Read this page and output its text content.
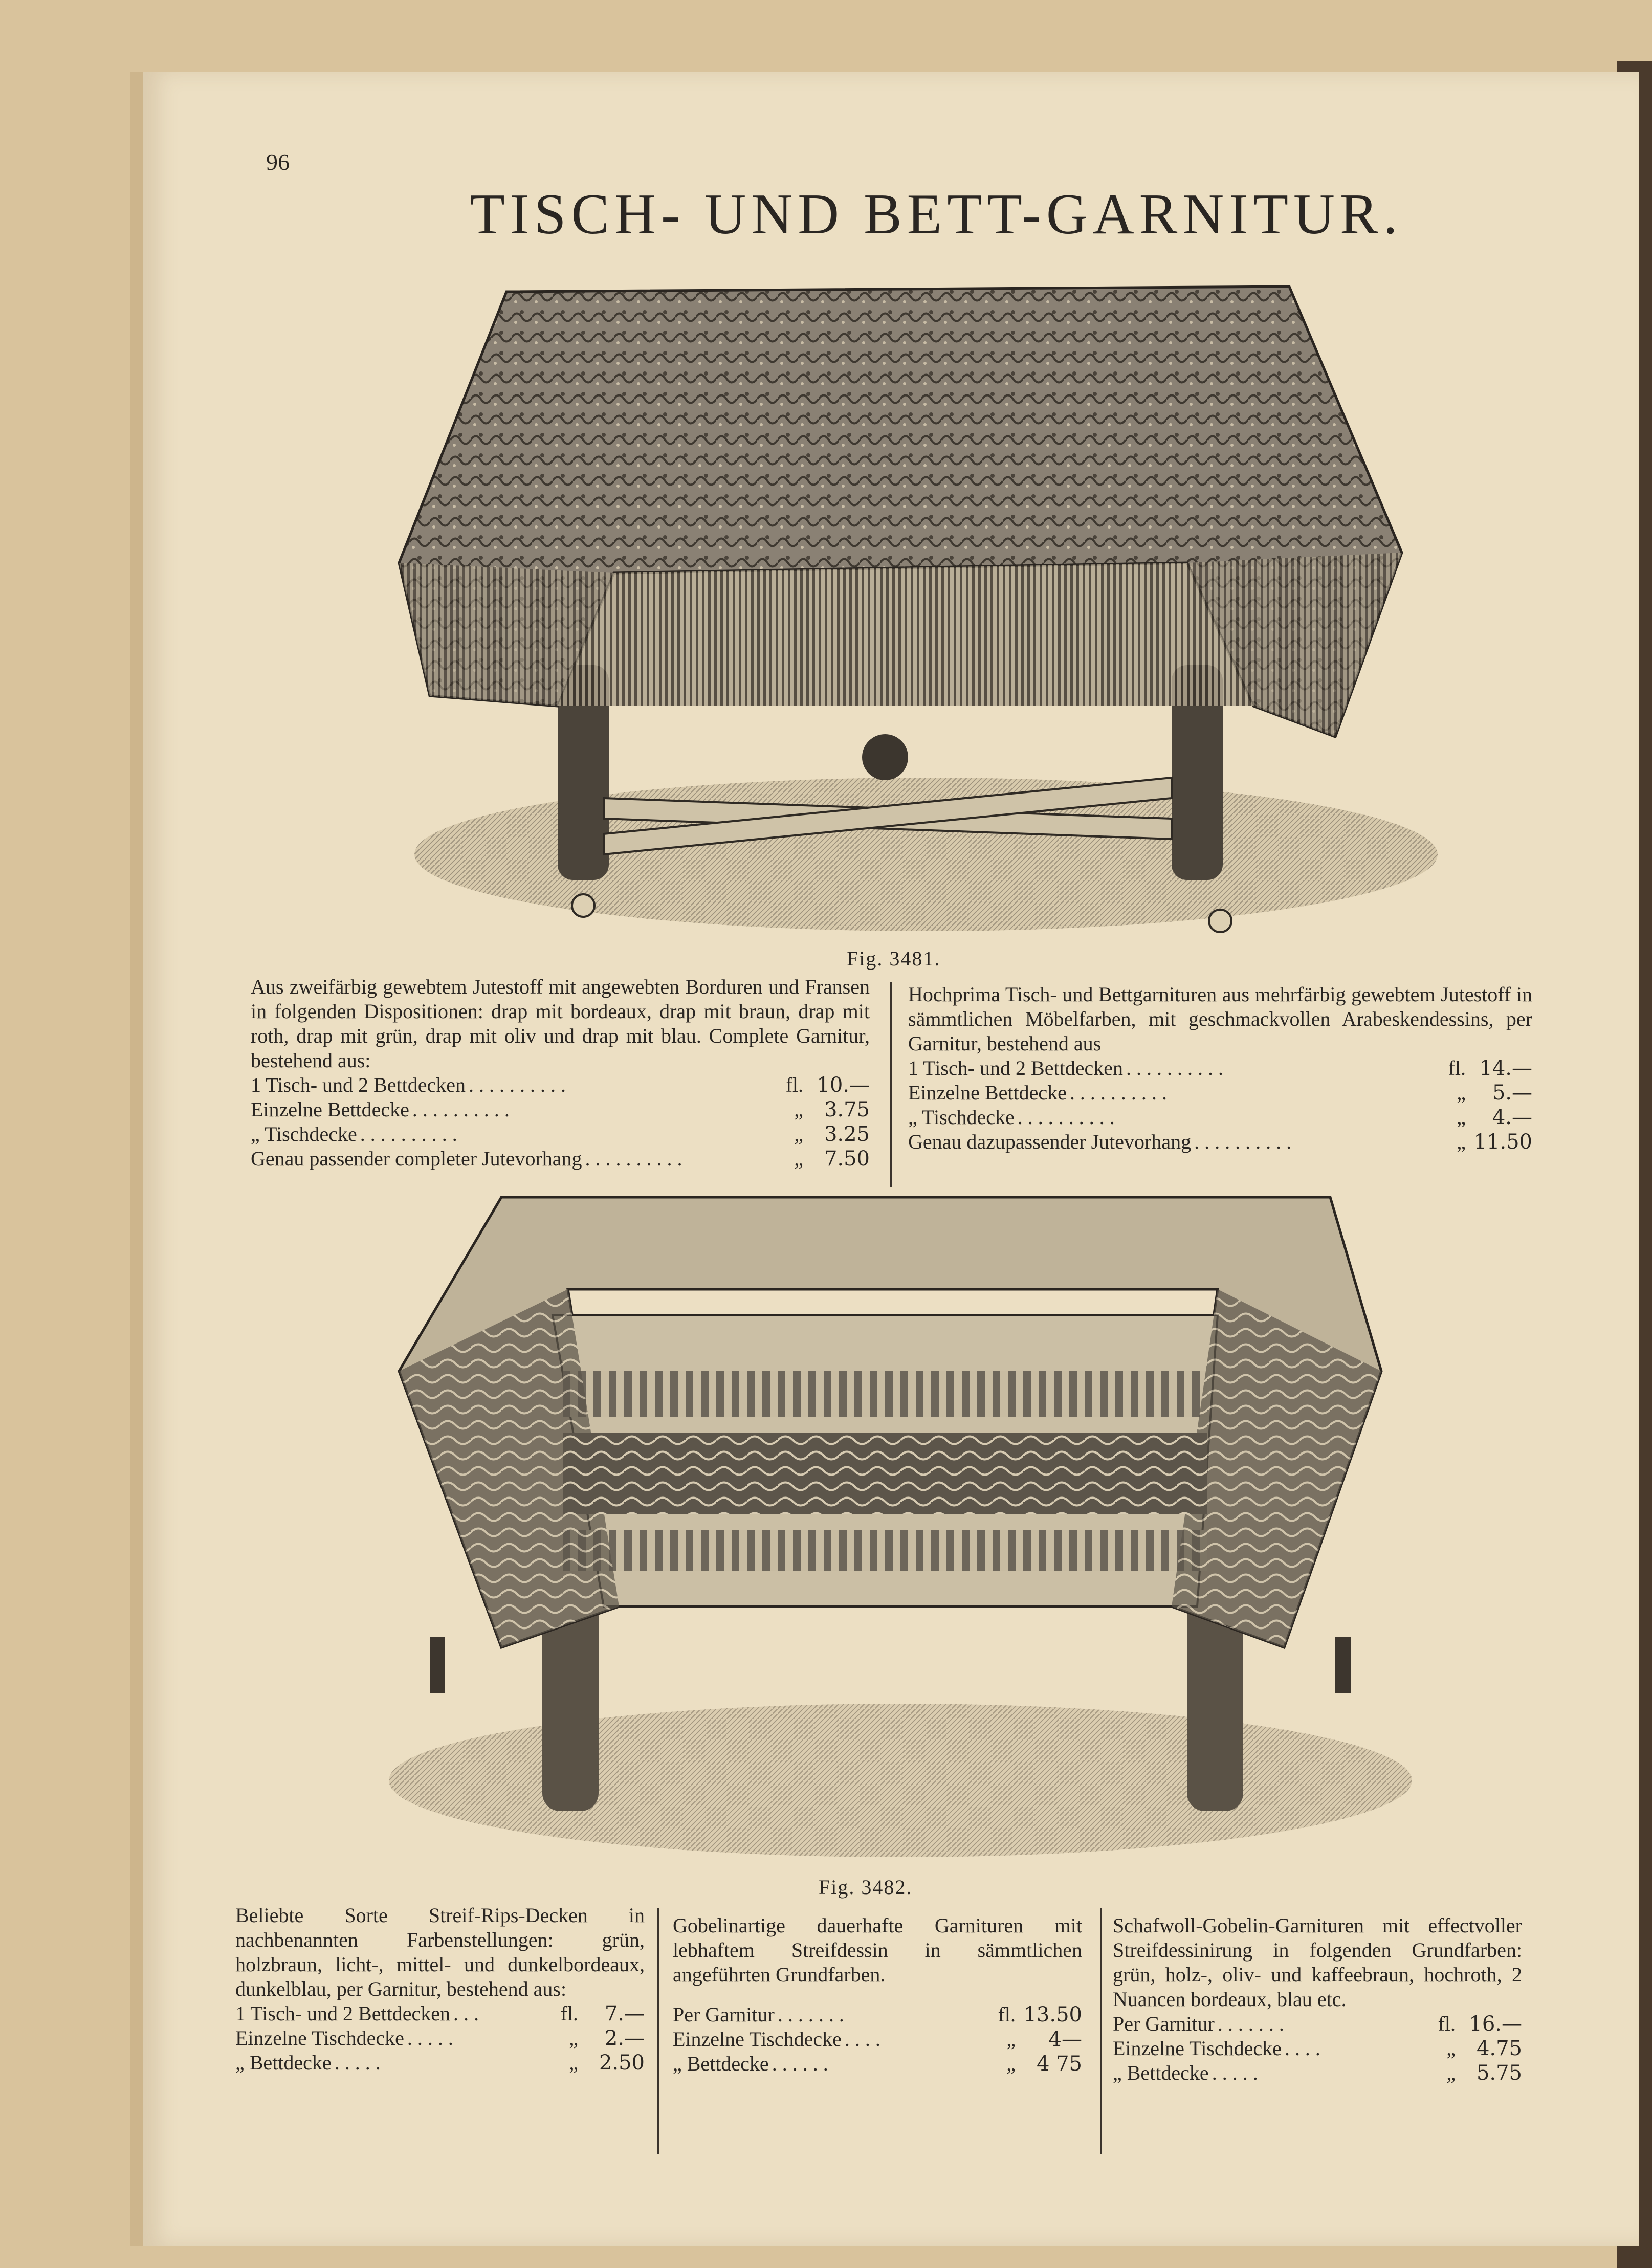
96
TISCH- UND BETT-GARNITUR.
Fig. 3481.

Aus zweifärbig gewebtem Jutestoff mit angewebten Borduren und Fransen in folgenden Dispositionen: drap mit bordeaux, drap mit braun, drap mit roth, drap mit grün, drap mit oliv und drap mit blau. Complete Garnitur, bestehend aus:

1 Tisch- und 2 Bettdecken ..........	fl. 10.—
Einzelne Bettdecke ..........	„	3.75
„ Tischdecke ..........	„	3.25
Genau passender completer Jutevorhang ..........	„	7.50

Hochprima Tisch- und Bettgarnituren aus mehrfärbig gewebtem Jutestoff in sämmtlichen Möbelfarben, mit geschmackvollen Arabeskendessins, per Garnitur, bestehend aus

1 Tisch- und 2 Bettdecken ..........	fl. 14.—
Einzelne Bettdecke ..........	„	5.—
„ Tischdecke ..........	„	4.—
Genau dazupassender Jutevorhang ..........	„ 11.50
Fig. 3482.

Beliebte Sorte Streif-Rips-Decken in nachbenannten Farbenstellungen: grün, holzbraun, licht-, mittel- und dunkelbordeaux, dunkelblau, per Garnitur, bestehend aus:

1 Tisch- und 2 Bettdecken ...	fl.	7.—
Einzelne Tischdecke .....	„	2.—
„ Bettdecke .....	„	2.50

Gobelinartige dauerhafte Garnituren mit lebhaftem Streifdessin in sämmtlichen angeführten Grundfarben.

Per Garnitur .......	fl. 13.50
Einzelne Tischdecke ....	„	4—
„ Bettdecke ......	„	4 75

Schafwoll-Gobelin-Garnituren mit effectvoller Streifdessinirung in folgenden Grundfarben: grün, holz-, oliv- und kaffeebraun, hochroth, 2 Nuancen bordeaux, blau etc.

Per Garnitur .......	fl. 16.—
Einzelne Tischdecke ....	„	4.75
„ Bettdecke .....	„	5.75
